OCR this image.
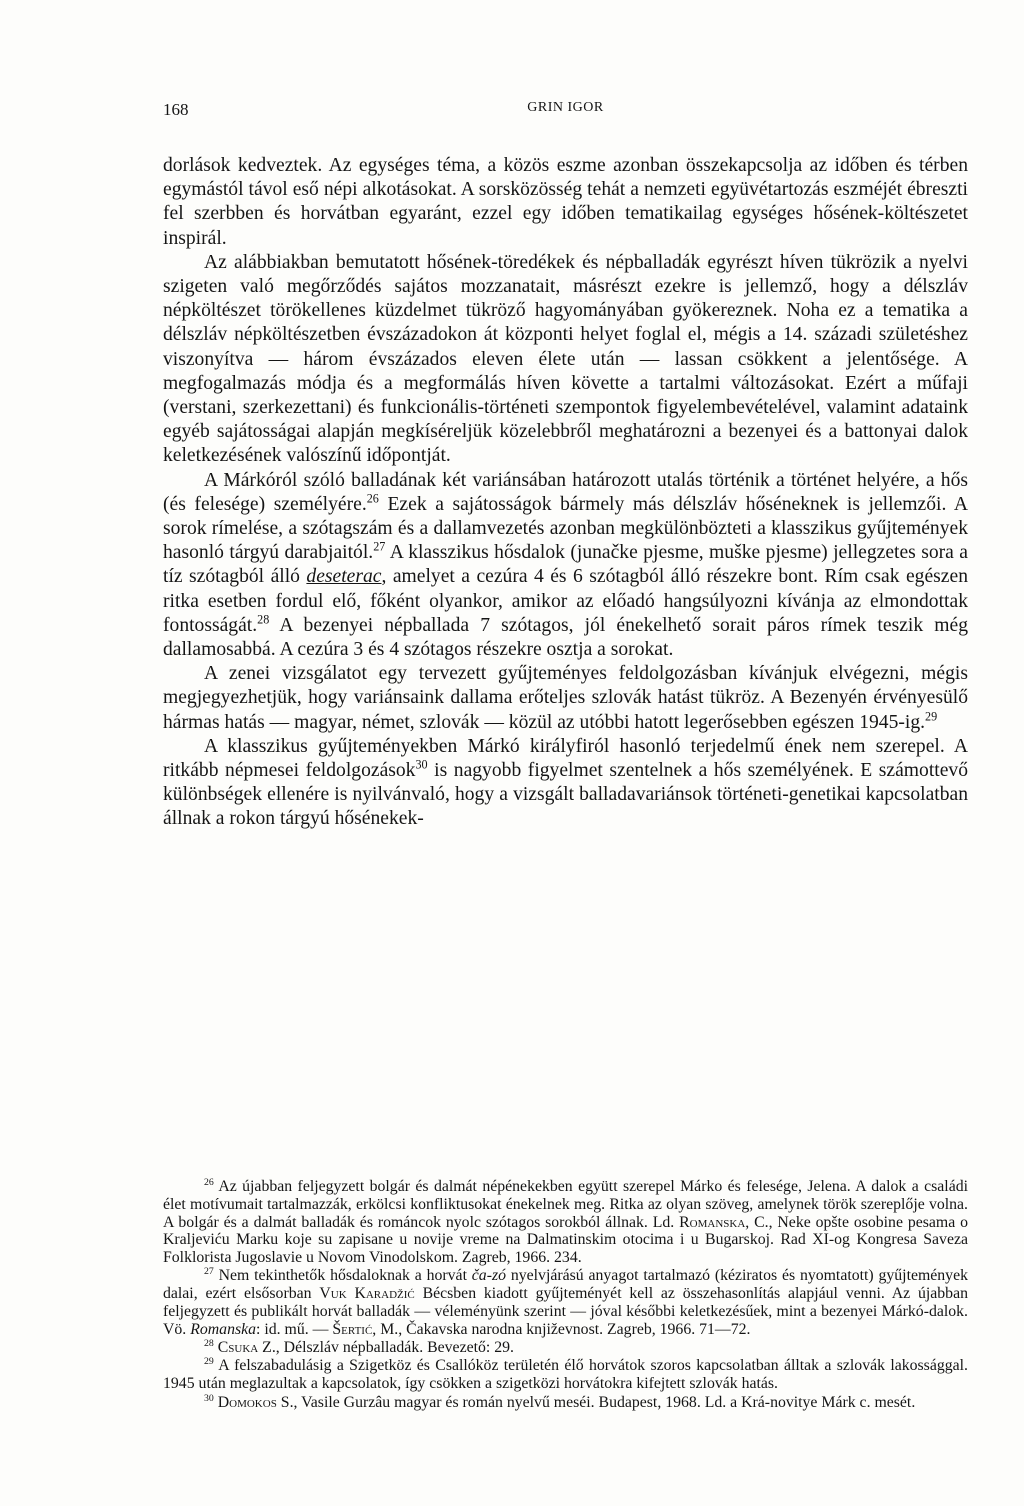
168	GRIN IGOR

dorlások kedveztek. Az egységes téma, a közös eszme azonban összekapcsolja az időben és térben egymástól távol eső népi alkotásokat. A sorsközösség tehát a nemzeti együvétartozás eszméjét ébreszti fel szerbben és horvátban egyaránt, ezzel egy időben tematikailag egységes hősének-költészetet inspirál.

Az alábbiakban bemutatott hősének-töredékek és népballadák egyrészt híven tükrözik a nyelvi szigeten való megőrződés sajátos mozzanatait, másrészt ezekre is jellemző, hogy a délszláv népköltészet törökellenes küzdelmet tükröző hagyományában gyökereznek. Noha ez a tematika a délszláv népköltészetben évszázadokon át központi helyet foglal el, mégis a 14. századi születéshez viszonyítva — három évszázados eleven élete után — lassan csökkent a jelentősége. A megfogalmazás módja és a megformálás híven követte a tartalmi változásokat. Ezért a műfaji (verstani, szerkezettani) és funkcionális-történeti szempontok figyelembevételével, valamint adataink egyéb sajátosságai alapján megkíséreljük közelebbről meghatározni a bezenyei és a battonyai dalok keletkezésének valószínű időpontját.

A Márkóról szóló balladának két variánsában határozott utalás történik a történet helyére, a hős (és felesége) személyére.$^{26}$ Ezek a sajátosságok bármely más délszláv hőséneknek is jellemzői. A sorok rímelése, a szótagszám és a dallamvezetés azonban megkülönbözteti a klasszikus gyűjtemények hasonló tárgyú darabjaitól.$^{27}$ A klasszikus hősdalok (junačke pjesme, muške pjesme) jellegzetes sora a tíz szótagból álló deseterac, amelyet a cezúra 4 és 6 szótagból álló részekre bont. Rím csak egészen ritka esetben fordul elő, főként olyankor, amikor az előadó hangsúlyozni kívánja az elmondottak fontosságát.$^{28}$ A bezenyei népballada 7 szótagos, jól énekelhető sorait páros rímek teszik még dallamosabbá. A cezúra 3 és 4 szótagos részekre osztja a sorokat.

A zenei vizsgálatot egy tervezett gyűjteményes feldolgozásban kívánjuk elvégezni, mégis megjegyezhetjük, hogy variánsaink dallama erőteljes szlovák hatást tükröz. A Bezenyén érvényesülő hármas hatás — magyar, német, szlovák — közül az utóbbi hatott legerősebben egészen 1945-ig.$^{29}$

A klasszikus gyűjteményekben Márkó királyfiról hasonló terjedelmű ének nem szerepel. A ritkább népmesei feldolgozások$^{30}$ is nagyobb figyelmet szentelnek a hős személyének. E számottevő különbségek ellenére is nyilvánvaló, hogy a vizsgált balladavariánsok történeti-genetikai kapcsolatban állnak a rokon tárgyú hősénekek-

$^{26}$ Az újabban feljegyzett bolgár és dalmát népénekekben együtt szerepel Márko és felesége, Jelena. A dalok a családi élet motívumait tartalmazzák, erkölcsi konfliktusokat énekelnek meg. Ritka az olyan szöveg, amelynek török szereplője volna. A bolgár és a dalmát balladák és románcok nyolc szótagos sorokból állnak. Ld. Romanska, C., Neke opšte osobine pesama o Kraljeviću Marku koje su zapisane u novije vreme na Dalmatinskim otocima i u Bugarskoj. Rad XI-og Kongresa Saveza Folklorista Jugoslavie u Novom Vinodolskom. Zagreb, 1966. 234.

$^{27}$ Nem tekinthetők hősdaloknak a horvát ča-zó nyelvjárású anyagot tartalmazó (kéziratos és nyomtatott) gyűjtemények dalai, ezért elsősorban Vuk Karadžić Bécsben kiadott gyűjteményét kell az összehasonlítás alapjául venni. Az újabban feljegyzett és publikált horvát balladák — véleményünk szerint — jóval későbbi keletkezésűek, mint a bezenyei Márkó-dalok. Vö. Romanska: id. mű. — Šertić, M., Čakavska narodna književnost. Zagreb, 1966. 71—72.

$^{28}$ Csuka Z., Délszláv népballadák. Bevezető: 29.

$^{29}$ A felszabadulásig a Szigetköz és Csallóköz területén élő horvátok szoros kapcsolatban álltak a szlovák lakossággal. 1945 után meglazultak a kapcsolatok, így csökken a szigetközi horvátokra kifejtett szlovák hatás.

$^{30}$ Domokos S., Vasile Gurzâu magyar és román nyelvű meséi. Budapest, 1968. Ld. a Krá-novitye Márk c. mesét.
